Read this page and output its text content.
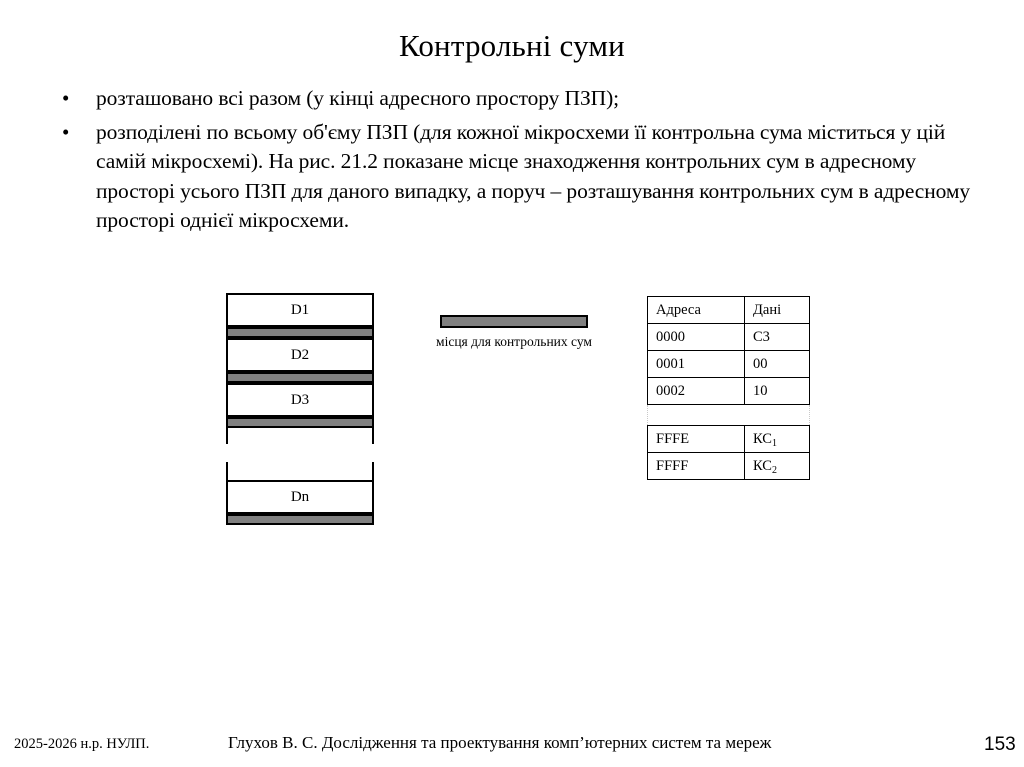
Контрольні суми
•	розташовано всі разом (у кінці адресного простору ПЗП);
•	розподілені по всьому об'єму ПЗП (для кожної мікросхеми її контрольна сума міститься у цій самій мікросхемі). На рис. 21.2 показане місце знаходження контрольних сум в адресному просторі усього ПЗП для даного випадку, а поруч – розташування контрольних сум в адресному просторі однієї мікросхеми.
D1
D2
D3
Dn
місця для контрольних сум
Адреса	Дані
0000	C3
0001	00
0002	10

FFFE	$КС_1$
FFFF	$КС_2$
2025-2026 н.р. НУЛП.	Глухов В. С. Дослідження та проектування комп’ютерних систем та мереж	153
